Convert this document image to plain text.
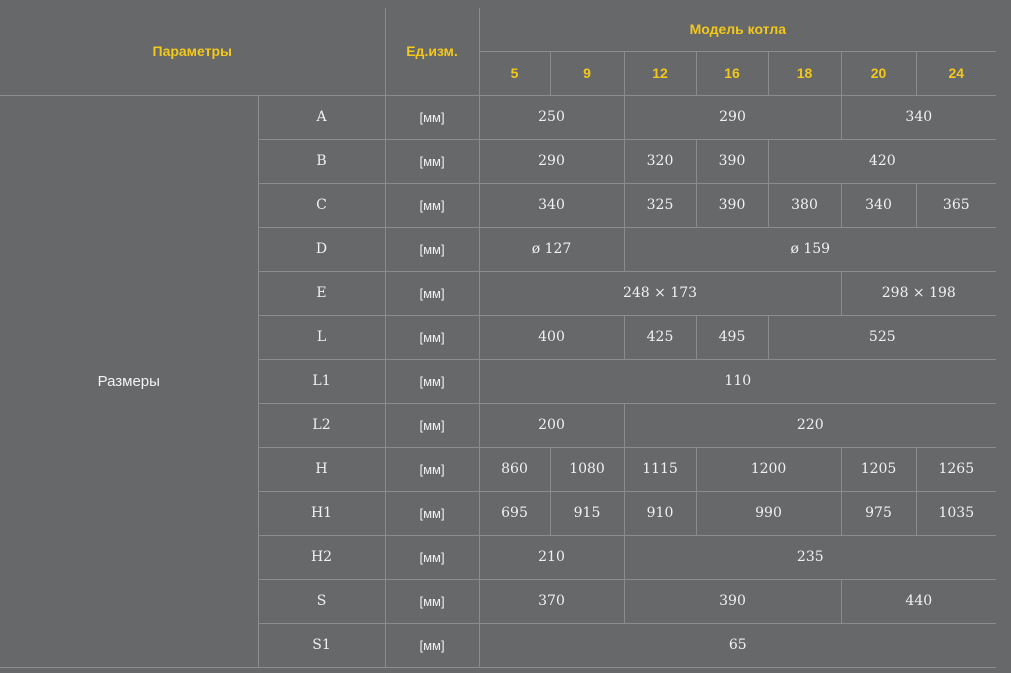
Параметры		Ед.изм.	Модель котла						
			5	9	12	16	18	20	24
Размеры	A	[мм]	250		290			340	
	B	[мм]	290		320	390	420		
	C	[мм]	340		325	390	380	340	365
	D	[мм]	ø 127		ø 159				
	E	[мм]	248 × 173					298 × 198	
	L	[мм]	400		425	495	525		
	L1	[мм]	110						
	L2	[мм]	200		220				
	H	[мм]	860	1080	1115	1200		1205	1265
	H1	[мм]	695	915	910	990		975	1035
	H2	[мм]	210		235				
	S	[мм]	370		390			440	
	S1	[мм]	65						
